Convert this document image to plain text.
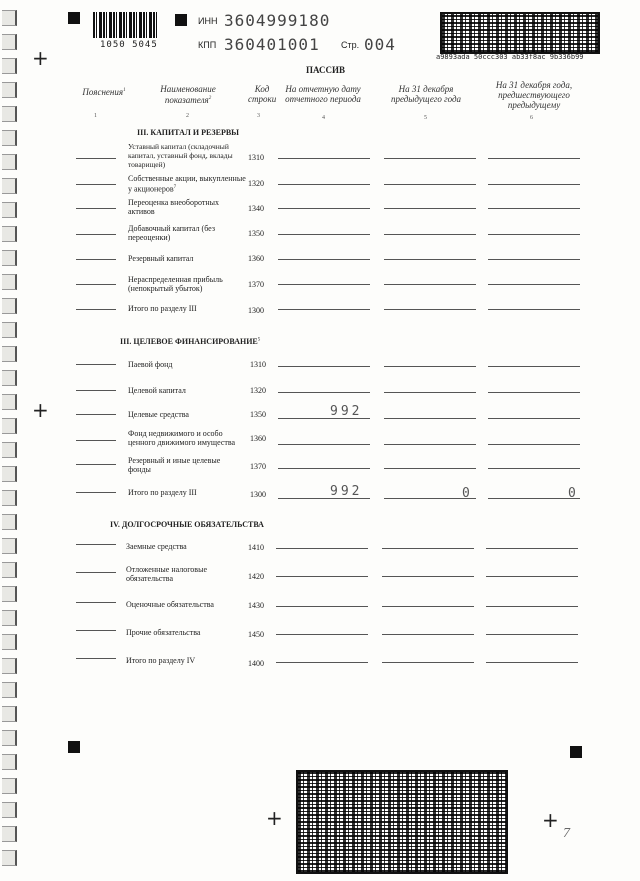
+
+
+	+
1050 5045
ИНН 3604999180
КПП 360401001 Стр. 004
a9893ada 50ccc303 ab33f8ac 9b336b99
ПАССИВ
Пояснения$^1$	Наименование показателя$^2$
Код строки
На отчетную дату отчетного периода
На 31 декабря предыдущего года
На 31 декабря года, предшествующего предыдущему
1	2	3	4	5	6
III. КАПИТАЛ И РЕЗЕРВЫ
Уставный капитал (складочный капитал, уставный фонд, вклады товарищей)
1310
Собственные акции, выкупленные у акционеров$^7$	1320
Переоценка внеоборотных активов	1340
Добавочный капитал (без переоценки)	1350
Резервный капитал	1360
Нераспределенная прибыль (непокрытый убыток)	1370
Итого по разделу III	1300
III. ЦЕЛЕВОЕ ФИНАНСИРОВАНИЕ$^5$
Паевой фонд	1310
Целевой капитал	1320
Целевые средства	1350	992
Фонд недвижимого и особо ценного движимого имущества	1360
Резервный и иные целевые фонды	1370
Итого по разделу III	1300	992	0	0
IV. ДОЛГОСРОЧНЫЕ ОБЯЗАТЕЛЬСТВА
Заемные средства	1410
Отложенные налоговые обязательства	1420
Оценочные обязательства	1430
Прочие обязательства	1450
Итого по разделу IV	1400
7
